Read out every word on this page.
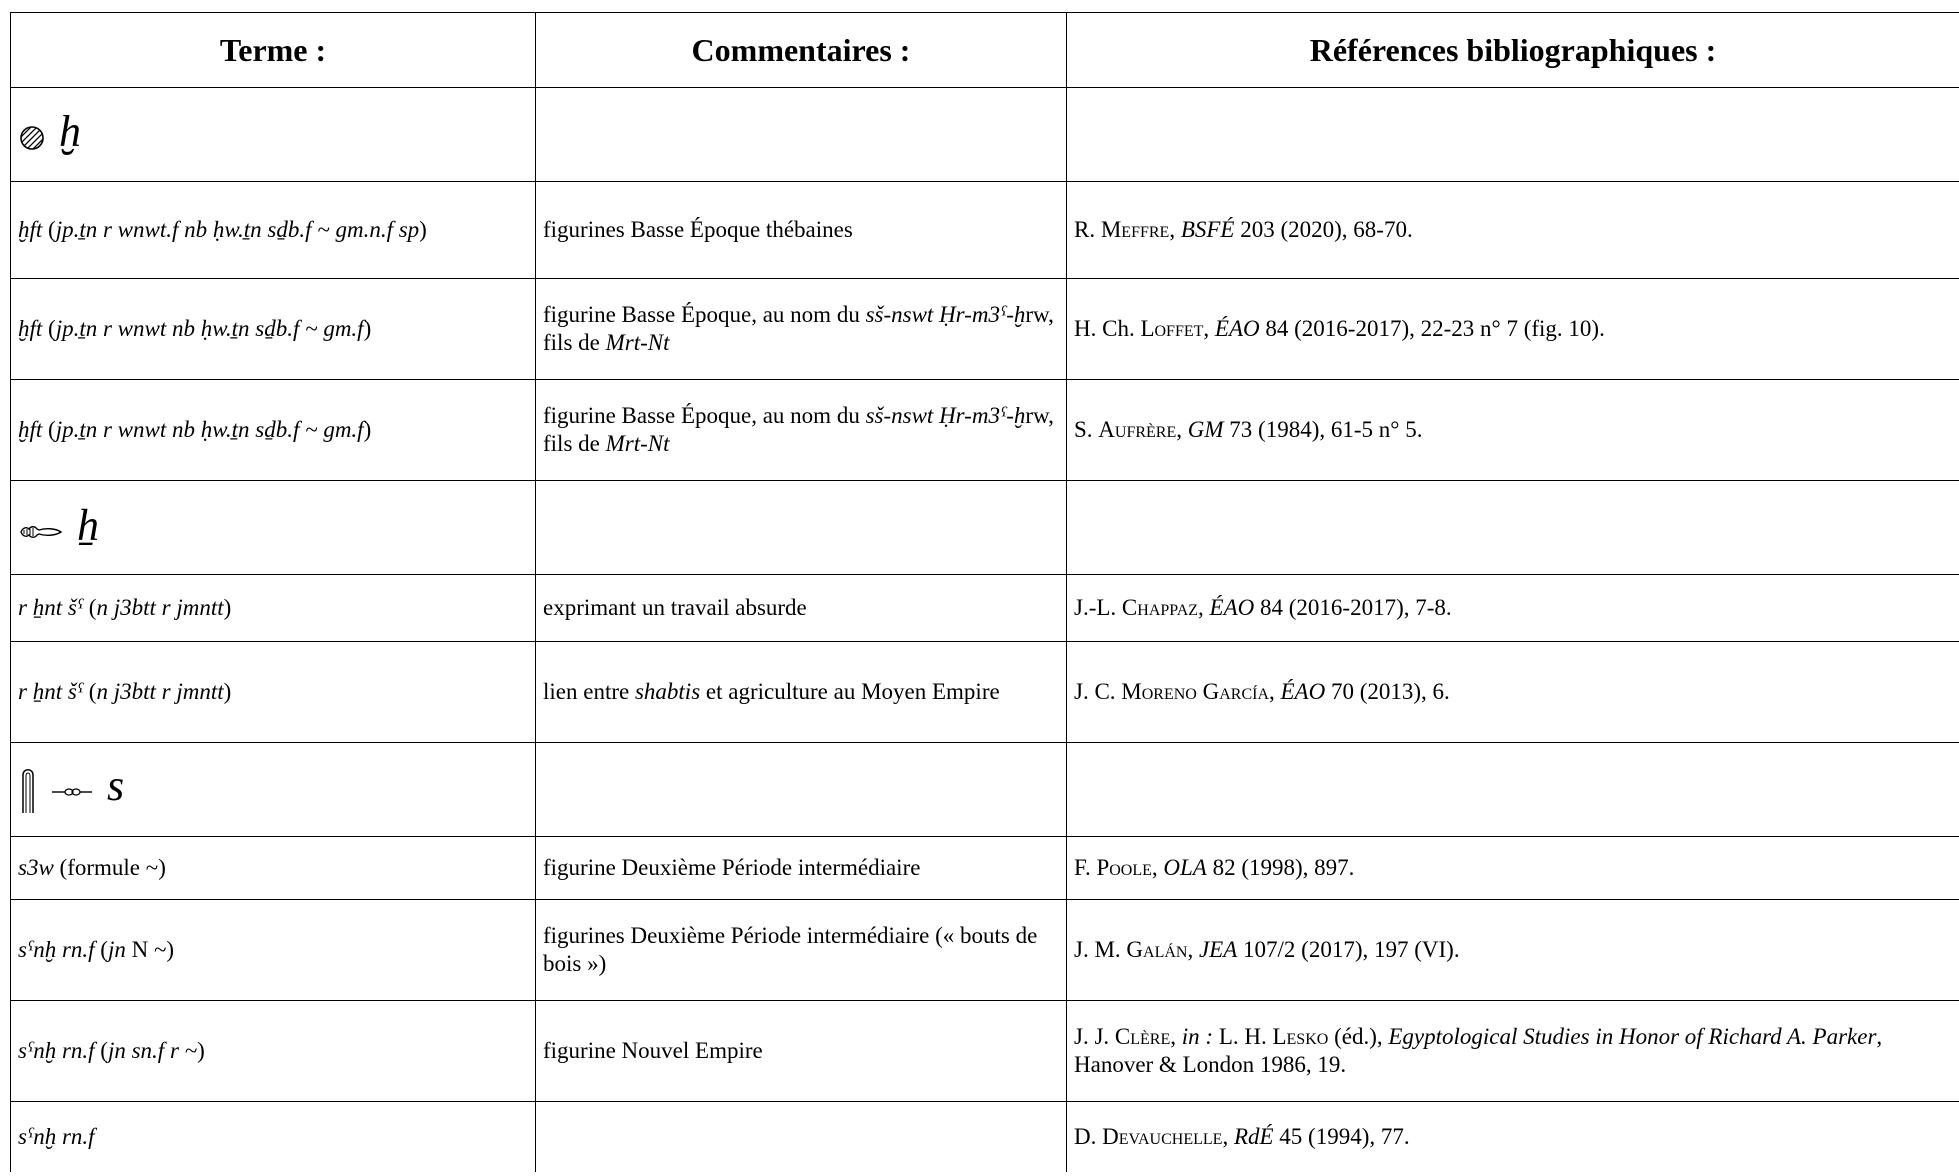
Terme :	Commentaires :	Références bibliographiques :
ḫ		
ḫft (jp.ṯn r wnwt.f nb ḥw.ṯn sḏb.f ~ gm.n.f sp)	figurines Basse Époque thébaines	R. Meffre, BSFÉ 203 (2020), 68-70.
ḫft (jp.ṯn r wnwt nb ḥw.ṯn sḏb.f ~ gm.f)	figurine Basse Époque, au nom du sš-nswt Ḥr-m3ˁ-ḫrw, fils de Mrt-Nt	H. Ch. Loffet, ÉAO 84 (2016-2017), 22-23 n° 7 (fig. 10).
ḫft (jp.ṯn r wnwt nb ḥw.ṯn sḏb.f ~ gm.f)	figurine Basse Époque, au nom du sš-nswt Ḥr-m3ˁ-ḫrw, fils de Mrt-Nt	S. Aufrère, GM 73 (1984), 61-5 n° 5.
ẖ		
r ẖnt šˁ (n j3btt r jmntt)	exprimant un travail absurde	J.-L. Chappaz, ÉAO 84 (2016-2017), 7-8.
r ẖnt šˁ (n j3btt r jmntt)	lien entre shabtis et agriculture au Moyen Empire	J. C. Moreno García, ÉAO 70 (2013), 6.
s		
s3w (formule ~)	figurine Deuxième Période intermédiaire	F. Poole, OLA 82 (1998), 897.
sˁnḫ rn.f (jn N ~)	figurines Deuxième Période intermédiaire (« bouts de bois »)	J. M. Galán, JEA 107/2 (2017), 197 (VI).
sˁnḫ rn.f (jn sn.f r ~)	figurine Nouvel Empire	J. J. Clère, in : L. H. Lesko (éd.), Egyptological Studies in Honor of Richard A. Parker, Hanover & London 1986, 19.
sˁnḫ rn.f		D. Devauchelle, RdÉ 45 (1994), 77.
